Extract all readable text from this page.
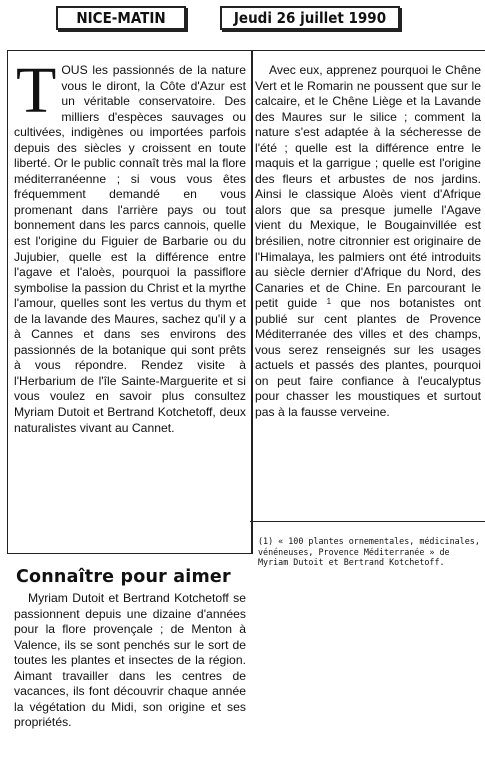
NICE-MATIN	Jeudi 26 juillet 1990
T OUS les passionnés de la nature vous le diront, la Côte d'Azur est un véritable conservatoire. Des milliers d'espèces sauvages ou cultivées, indigènes ou importées parfois depuis des siècles y croissent en toute liberté. Or le public connaît très mal la flore méditerranéenne ; si vous vous êtes fréquemment demandé en vous promenant dans l'arrière pays ou tout bonnement dans les parcs cannois, quelle est l'origine du Figuier de Barbarie ou du Jujubier, quelle est la différence entre l'agave et l'aloès, pourquoi la passiflore symbolise la passion du Christ et la myrthe l'amour, quelles sont les vertus du thym et de la lavande des Maures, sachez qu'il y a à Cannes et dans ses environs des passionnés de la botanique qui sont prêts à vous répondre. Rendez visite à l'Herbarium de l'île Sainte-Marguerite et si vous voulez en savoir plus consultez Myriam Dutoit et Bertrand Kotchetoff, deux naturalistes vivant au Cannet.
Avec eux, apprenez pourquoi le Chêne Vert et le Romarin ne poussent que sur le calcaire, et le Chêne Liège et la Lavande des Maures sur le silice ; comment la nature s'est adaptée à la sécheresse de l'été ; quelle est la différence entre le maquis et la garrigue ; quelle est l'origine des fleurs et arbustes de nos jardins. Ainsi le classique Aloès vient d'Afrique alors que sa presque jumelle l'Agave vient du Mexique, le Bougainvillée est brésilien, notre citronnier est originaire de l'Himalaya, les palmiers ont été introduits au siècle dernier d'Afrique du Nord, des Canaries et de Chine. En parcourant le petit guide $^1$ que nos botanistes ont publié sur cent plantes de Provence Méditerranée des villes et des champs, vous serez renseignés sur les usages actuels et passés des plantes, pourquoi on peut faire confiance à l'eucalyptus pour chasser les moustiques et surtout pas à la fausse verveine.
(1) « 100 plantes ornementales, médicinales, vénéneuses, Provence Méditerranée » de Myriam Dutoit et Bertrand Kotchetoff.
Connaître pour aimer
Myriam Dutoit et Bertrand Kotchetoff se passionnent depuis une dizaine d'années pour la flore provençale ; de Menton à Valence, ils se sont penchés sur le sort de toutes les plantes et insectes de la région. Aimant travailler dans les centres de vacances, ils font découvrir chaque année la végétation du Midi, son origine et ses propriétés.
